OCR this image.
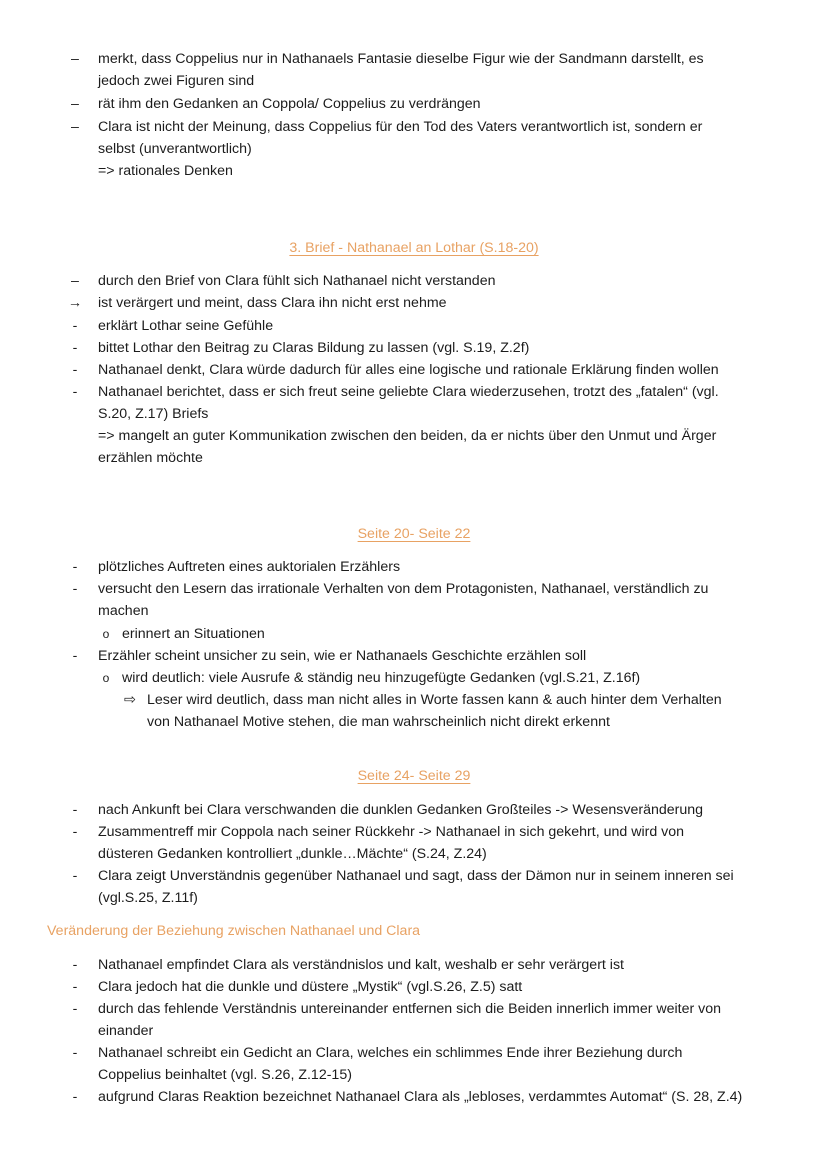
–	merkt, dass Coppelius nur in Nathanaels Fantasie dieselbe Figur wie der Sandmann darstellt, es
jedoch zwei Figuren sind
–	rät ihm den Gedanken an Coppola/ Coppelius zu verdrängen
–	Clara ist nicht der Meinung, dass Coppelius für den Tod des Vaters verantwortlich ist, sondern er
selbst (unverantwortlich)
=> rationales Denken
3. Brief - Nathanael an Lothar (S.18-20)
–	durch den Brief von Clara fühlt sich Nathanael nicht verstanden
→ ist verärgert und meint, dass Clara ihn nicht erst nehme
-	erklärt Lothar seine Gefühle
-	bittet Lothar den Beitrag zu Claras Bildung zu lassen (vgl. S.19, Z.2f)
-	Nathanael denkt, Clara würde dadurch für alles eine logische und rationale Erklärung finden wollen
-	Nathanael berichtet, dass er sich freut seine geliebte Clara wiederzusehen, trotzt des „fatalen“ (vgl.
S.20, Z.17) Briefs
=> mangelt an guter Kommunikation zwischen den beiden, da er nichts über den Unmut und Ärger
erzählen möchte
Seite 20- Seite 22
-	plötzliches Auftreten eines auktorialen Erzählers
-	versucht den Lesern das irrationale Verhalten von dem Protagonisten, Nathanael, verständlich zu
machen
o erinnert an Situationen
-	Erzähler scheint unsicher zu sein, wie er Nathanaels Geschichte erzählen soll
o wird deutlich: viele Ausrufe & ständig neu hinzugefügte Gedanken (vgl.S.21, Z.16f)
⇨ Leser wird deutlich, dass man nicht alles in Worte fassen kann & auch hinter dem Verhalten
von Nathanael Motive stehen, die man wahrscheinlich nicht direkt erkennt
Seite 24- Seite 29
-	nach Ankunft bei Clara verschwanden die dunklen Gedanken Großteiles -> Wesensveränderung
-	Zusammentreff mir Coppola nach seiner Rückkehr -> Nathanael in sich gekehrt, und wird von
düsteren Gedanken kontrolliert „dunkle…Mächte“ (S.24, Z.24)
-	Clara zeigt Unverständnis gegenüber Nathanael und sagt, dass der Dämon nur in seinem inneren sei
(vgl.S.25, Z.11f)
Veränderung der Beziehung zwischen Nathanael und Clara
-	Nathanael empfindet Clara als verständnislos und kalt, weshalb er sehr verärgert ist
-	Clara jedoch hat die dunkle und düstere „Mystik“ (vgl.S.26, Z.5) satt
-	durch das fehlende Verständnis untereinander entfernen sich die Beiden innerlich immer weiter von
einander
-	Nathanael schreibt ein Gedicht an Clara, welches ein schlimmes Ende ihrer Beziehung durch
Coppelius beinhaltet (vgl. S.26, Z.12-15)
-	aufgrund Claras Reaktion bezeichnet Nathanael Clara als „lebloses, verdammtes Automat“ (S. 28, Z.4)
